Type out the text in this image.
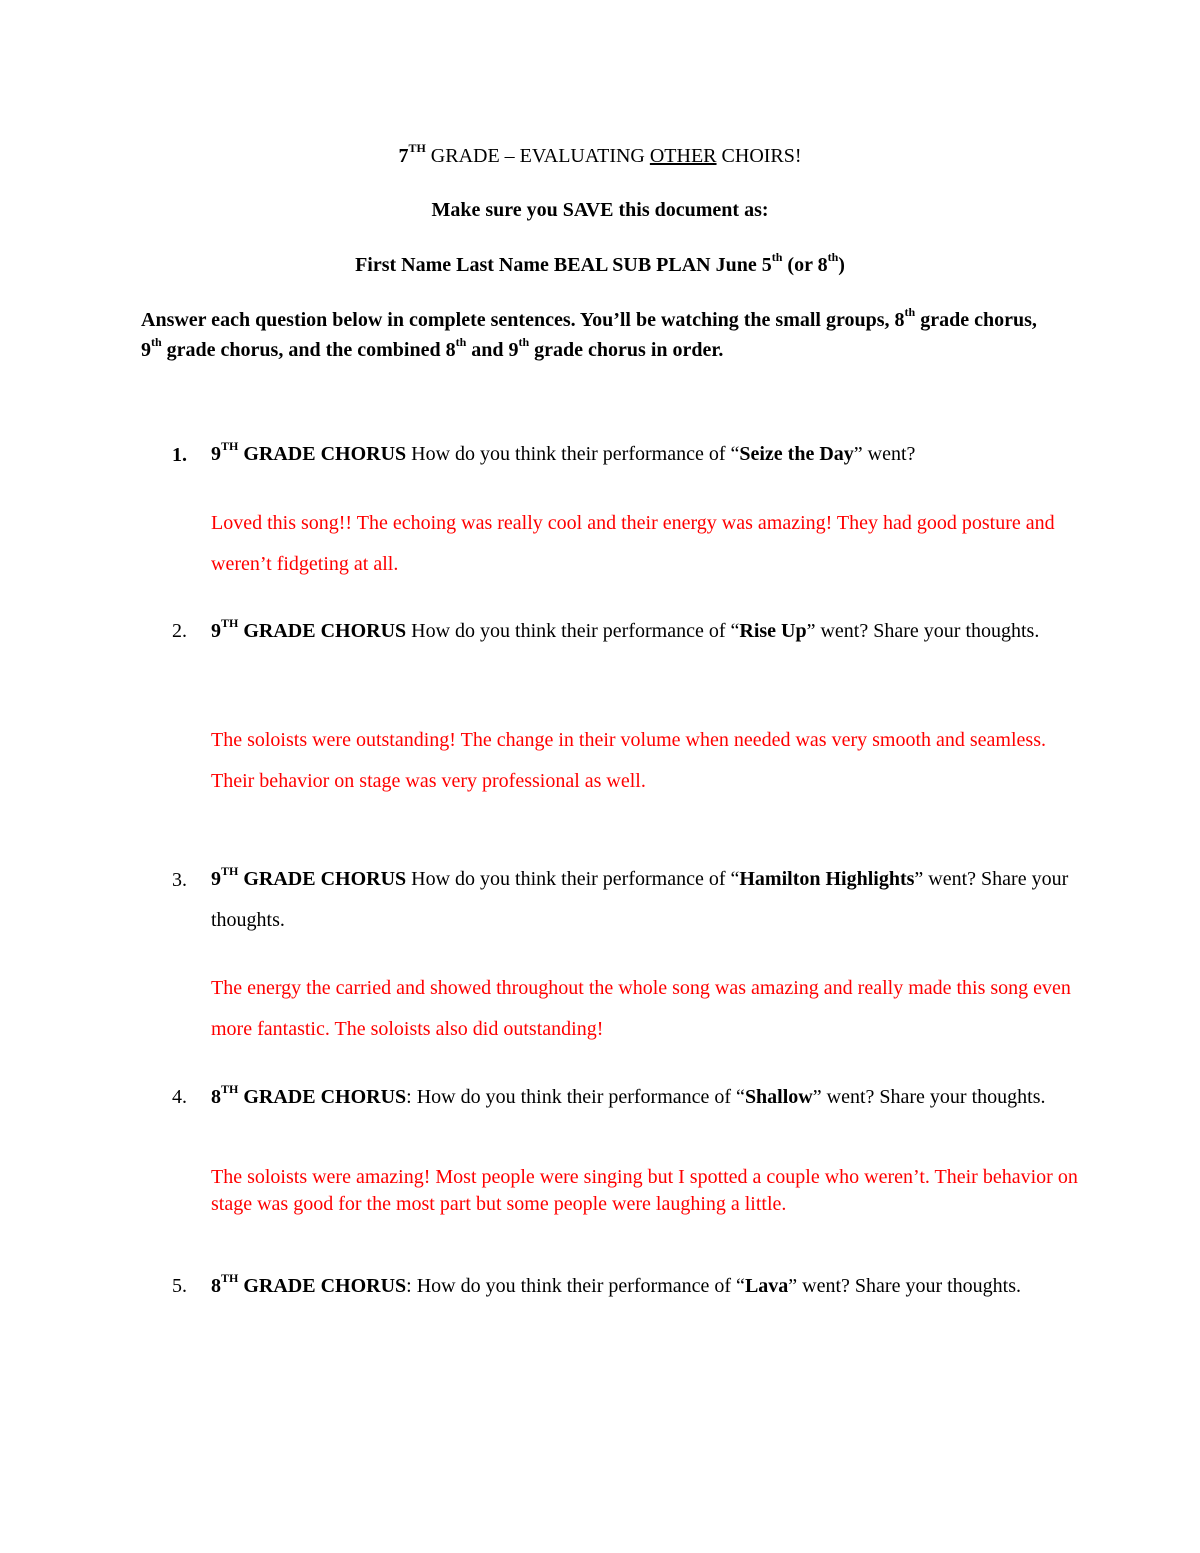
7TH GRADE – EVALUATING OTHER CHOIRS!

Make sure you SAVE this document as:

First Name Last Name BEAL SUB PLAN June 5th (or 8th)

Answer each question below in complete sentences. You’ll be watching the small groups, 8th grade chorus, 9th grade chorus, and the combined 8th and 9th grade chorus in order.

1. 9TH GRADE CHORUS How do you think their performance of “Seize the Day” went?

Loved this song!! The echoing was really cool and their energy was amazing! They had good posture and weren’t fidgeting at all.

2. 9TH GRADE CHORUS How do you think their performance of “Rise Up” went? Share your thoughts.

The soloists were outstanding! The change in their volume when needed was very smooth and seamless. Their behavior on stage was very professional as well.

3. 9TH GRADE CHORUS How do you think their performance of “Hamilton Highlights” went? Share your thoughts.

The energy the carried and showed throughout the whole song was amazing and really made this song even more fantastic. The soloists also did outstanding!

4. 8TH GRADE CHORUS: How do you think their performance of “Shallow” went? Share your thoughts.

The soloists were amazing! Most people were singing but I spotted a couple who weren’t. Their behavior on stage was good for the most part but some people were laughing a little.

5. 8TH GRADE CHORUS: How do you think their performance of “Lava” went? Share your thoughts.
